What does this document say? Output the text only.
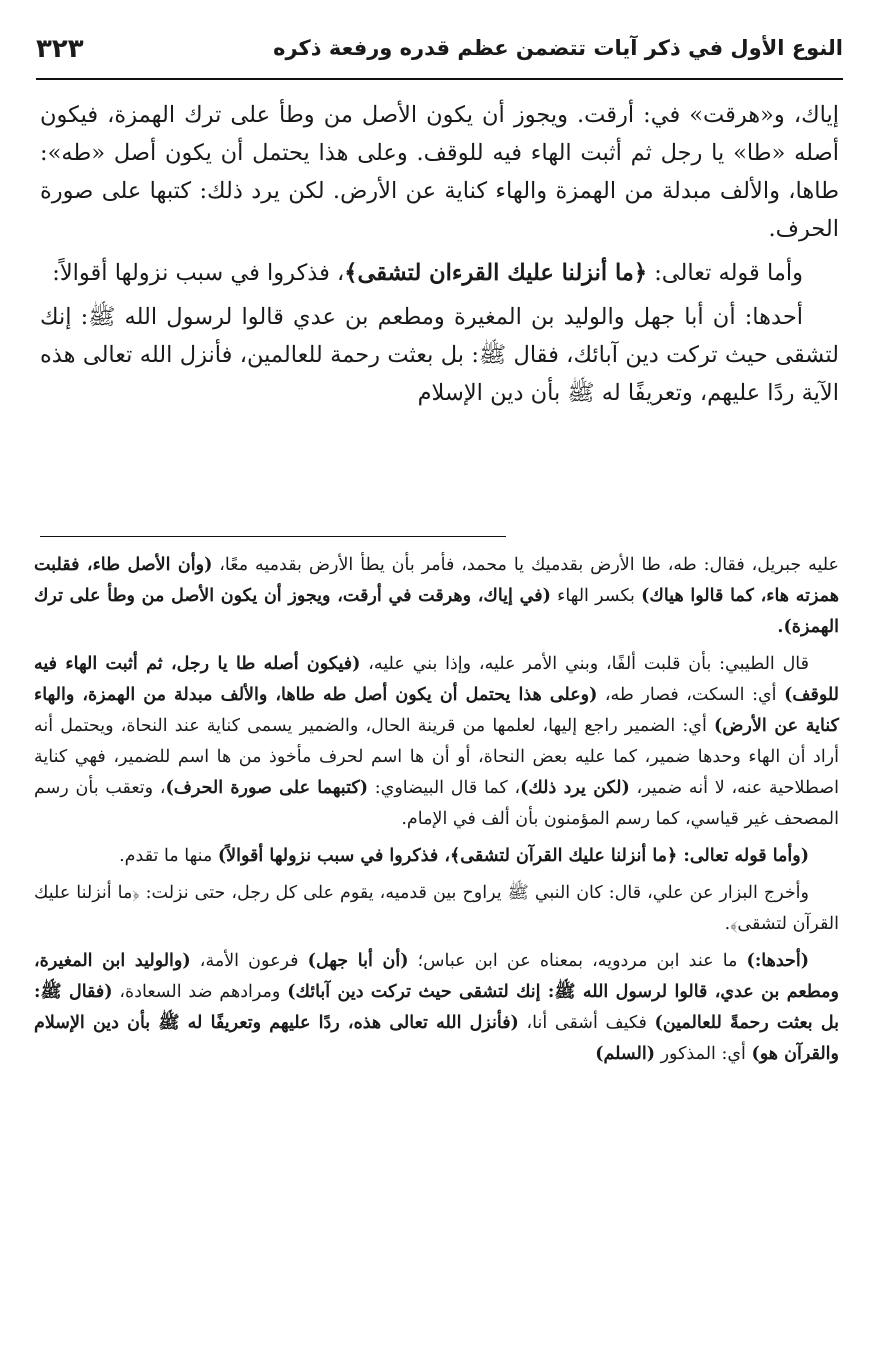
النوع الأول في ذكر آيات تتضمن عظم قدره ورفعة ذكره
٣٢٣

إياك، و«هرقت» في: أرقت. ويجوز أن يكون الأصل من وطأ على ترك الهمزة، فيكون أصله «طا» يا رجل ثم أثبت الهاء فيه للوقف. وعلى هذا يحتمل أن يكون أصل «طه»: طاها، والألف مبدلة من الهمزة والهاء كناية عن الأرض. لكن يرد ذلك: كتبها على صورة الحرف.

وأما قوله تعالى: ﴿ما أنزلنا عليك القرءان لتشقى﴾، فذكروا في سبب نزولها أقوالاً:

أحدها: أن أبا جهل والوليد بن المغيرة ومطعم بن عدي قالوا لرسول الله ﷺ: إنك لتشقى حيث تركت دين آبائك، فقال ﷺ: بل بعثت رحمة للعالمين، فأنزل الله تعالى هذه الآية ردًا عليهم، وتعريفًا له ﷺ بأن دين الإسلام

عليه جبريل، فقال: طه، طا الأرض بقدميك يا محمد، فأمر بأن يطأ الأرض بقدميه معًا، (وأن الأصل طاء، فقلبت همزته هاء، كما قالوا هياك) بكسر الهاء (في إياك، وهرقت في أرقت، ويجوز أن يكون الأصل من وطأ على ترك الهمزة).

قال الطيبي: بأن قلبت ألفًا، وبني الأمر عليه، وإذا بني عليه، (فيكون أصله طا يا رجل، ثم أثبت الهاء فيه للوقف) أي: السكت، فصار طه، (وعلى هذا يحتمل أن يكون أصل طه طاها، والألف مبدلة من الهمزة، والهاء كناية عن الأرض) أي: الضمير راجع إليها، لعلمها من قرينة الحال، والضمير يسمى كناية عند النحاة، ويحتمل أنه أراد أن الهاء وحدها ضمير، كما عليه بعض النحاة، أو أن ها اسم لحرف مأخوذ من ها اسم للضمير، فهي كناية اصطلاحية عنه، لا أنه ضمير، (لكن يرد ذلك)، كما قال البيضاوي: (كتبهما على صورة الحرف)، وتعقب بأن رسم المصحف غير قياسي، كما رسم المؤمنون بأن ألف في الإمام.

(وأما قوله تعالى: ﴿ما أنزلنا عليك القرآن لتشقى﴾، فذكروا في سبب نزولها أقوالاً) منها ما تقدم.

وأخرج البزار عن علي، قال: كان النبي ﷺ يراوح بين قدميه، يقوم على كل رجل، حتى نزلت: ﴿ما أنزلنا عليك القرآن لتشقى﴾.

(أحدها:) ما عند ابن مردويه، بمعناه عن ابن عباس؛ (أن أبا جهل) فرعون الأمة، (والوليد ابن المغيرة، ومطعم بن عدي، قالوا لرسول الله ﷺ: إنك لتشقى حيث تركت دين آبائك) ومرادهم ضد السعادة، (فقال ﷺ: بل بعثت رحمةً للعالمين) فكيف أشقى أنا، (فأنزل الله تعالى هذه، ردًا عليهم وتعريفًا له ﷺ بأن دين الإسلام والقرآن هو) أي: المذكور (السلم)
